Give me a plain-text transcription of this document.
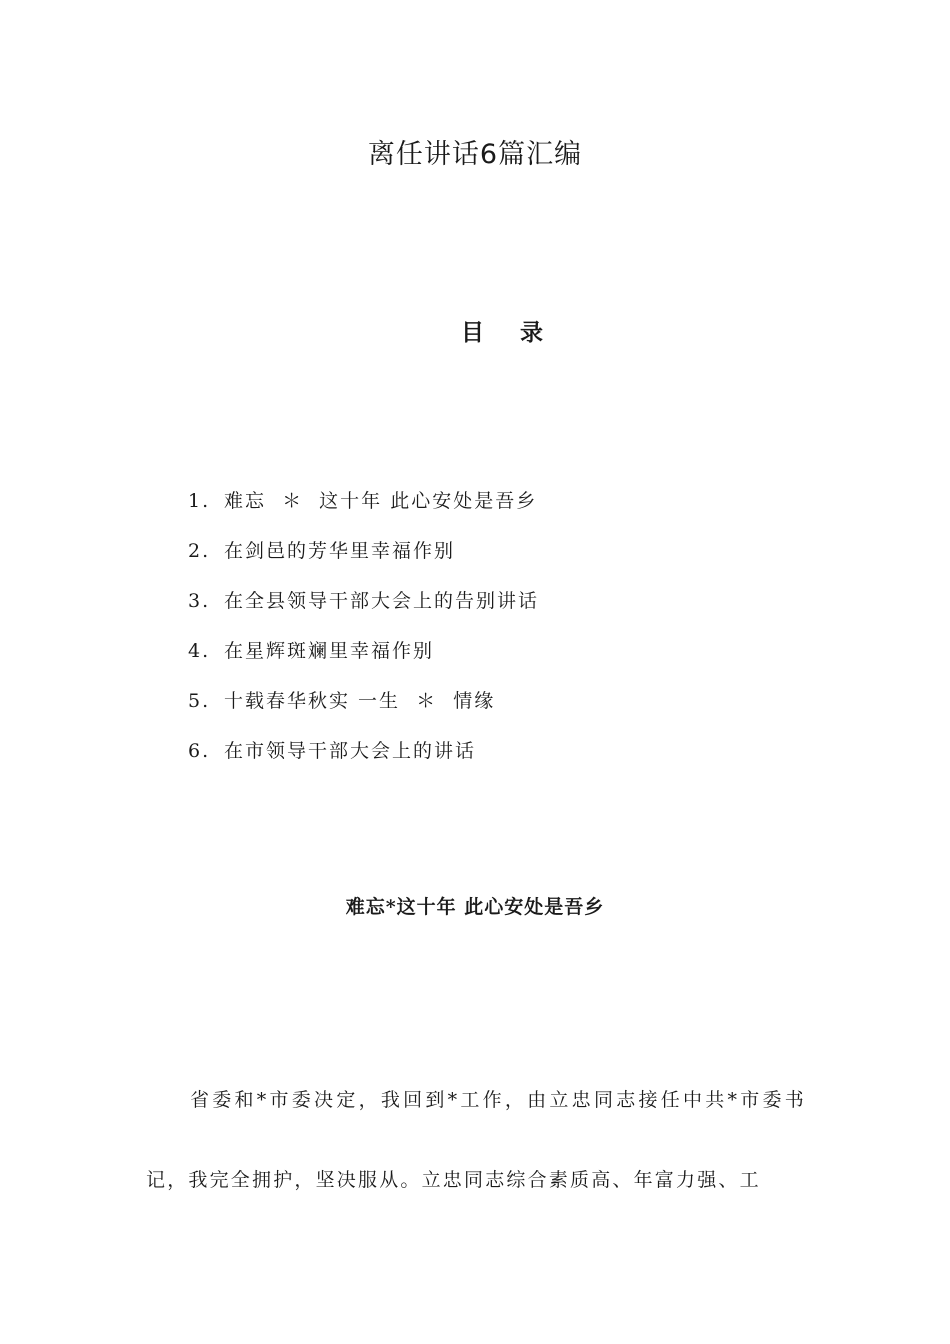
离任讲话6篇汇编
目 录
1. 难忘  ＊  这十年 此心安处是吾乡
2. 在剑邑的芳华里幸福作别
3. 在全县领导干部大会上的告别讲话
4. 在星辉斑斓里幸福作别
5. 十载春华秋实 一生  ＊  情缘
6. 在市领导干部大会上的讲话
难忘*这十年 此心安处是吾乡

省委和*市委决定，我回到*工作，由立忠同志接任中共*市委书记，我完全拥护，坚决服从。立忠同志综合素质高、年富力强、工
